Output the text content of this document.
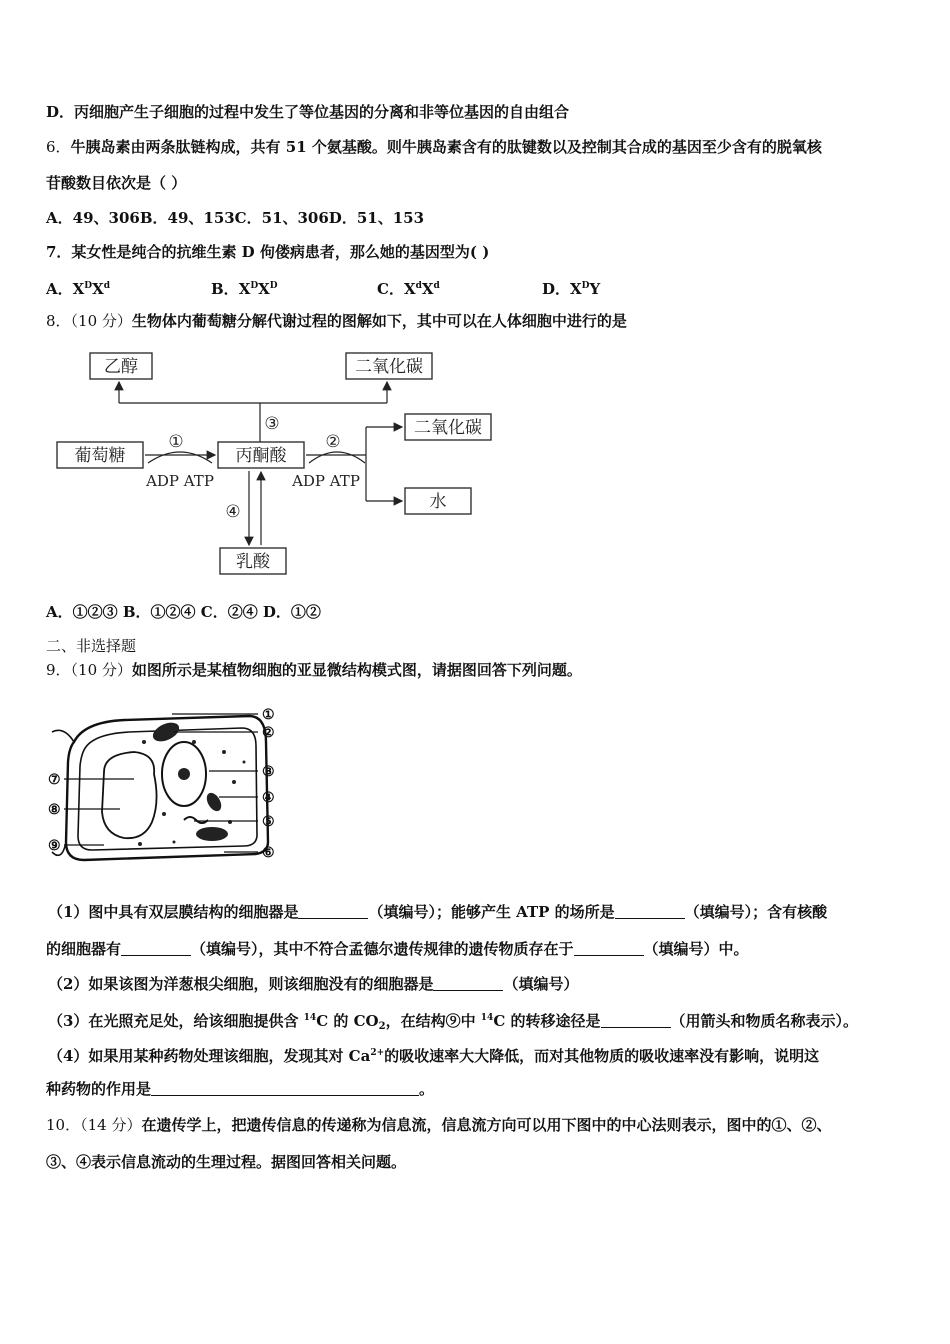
D．丙细胞产生子细胞的过程中发生了等位基因的分离和非等位基因的自由组合
6．牛胰岛素由两条肽链构成，共有 51 个氨基酸。则牛胰岛素含有的肽键数以及控制其合成的基因至少含有的脱氧核
苷酸数目依次是（ ）
A．49、306B．49、153C．51、306D．51、153
7．某女性是纯合的抗维生素 D 佝偻病患者，那么她的基因型为( )
A．$X^DX^d$	B．$X^DX^D$	C．$X^dX^d$	D．$X^DY$
8．（10 分）生物体内葡萄糖分解代谢过程的图解如下，其中可以在人体细胞中进行的是
乙醇	二氧化碳
葡萄糖	丙酮酸
二氧化碳
水
乳酸
①	②
③
④
ADP ATP	ADP ATP
A．①②③ B．①②④ C．②④ D．①②
二、非选择题
9．（10 分）如图所示是某植物细胞的亚显微结构模式图，请据图回答下列问题。
①
②
③
④
⑤
⑥
⑦
⑧
⑨
（1）图中具有双层膜结构的细胞器是	（填编号）；能够产生 ATP 的场所是	（填编号）；含有核酸
的细胞器有	（填编号），其中不符合孟德尔遗传规律的遗传物质存在于	（填编号）中。
（2）如果该图为洋葱根尖细胞，则该细胞没有的细胞器是	（填编号）
（3）在光照充足处，给该细胞提供含 $^{14}$C 的 $CO_2$，在结构⑨中 $^{14}$C 的转移途径是	（用箭头和物质名称表示）。
（4）如果用某种药物处理该细胞，发现其对 $Ca^{2+}$的吸收速率大大降低，而对其他物质的吸收速率没有影响，说明这
种药物的作用是	。
10．（14 分）在遗传学上，把遗传信息的传递称为信息流，信息流方向可以用下图中的中心法则表示，图中的①、②、
③、④表示信息流动的生理过程。据图回答相关问题。
